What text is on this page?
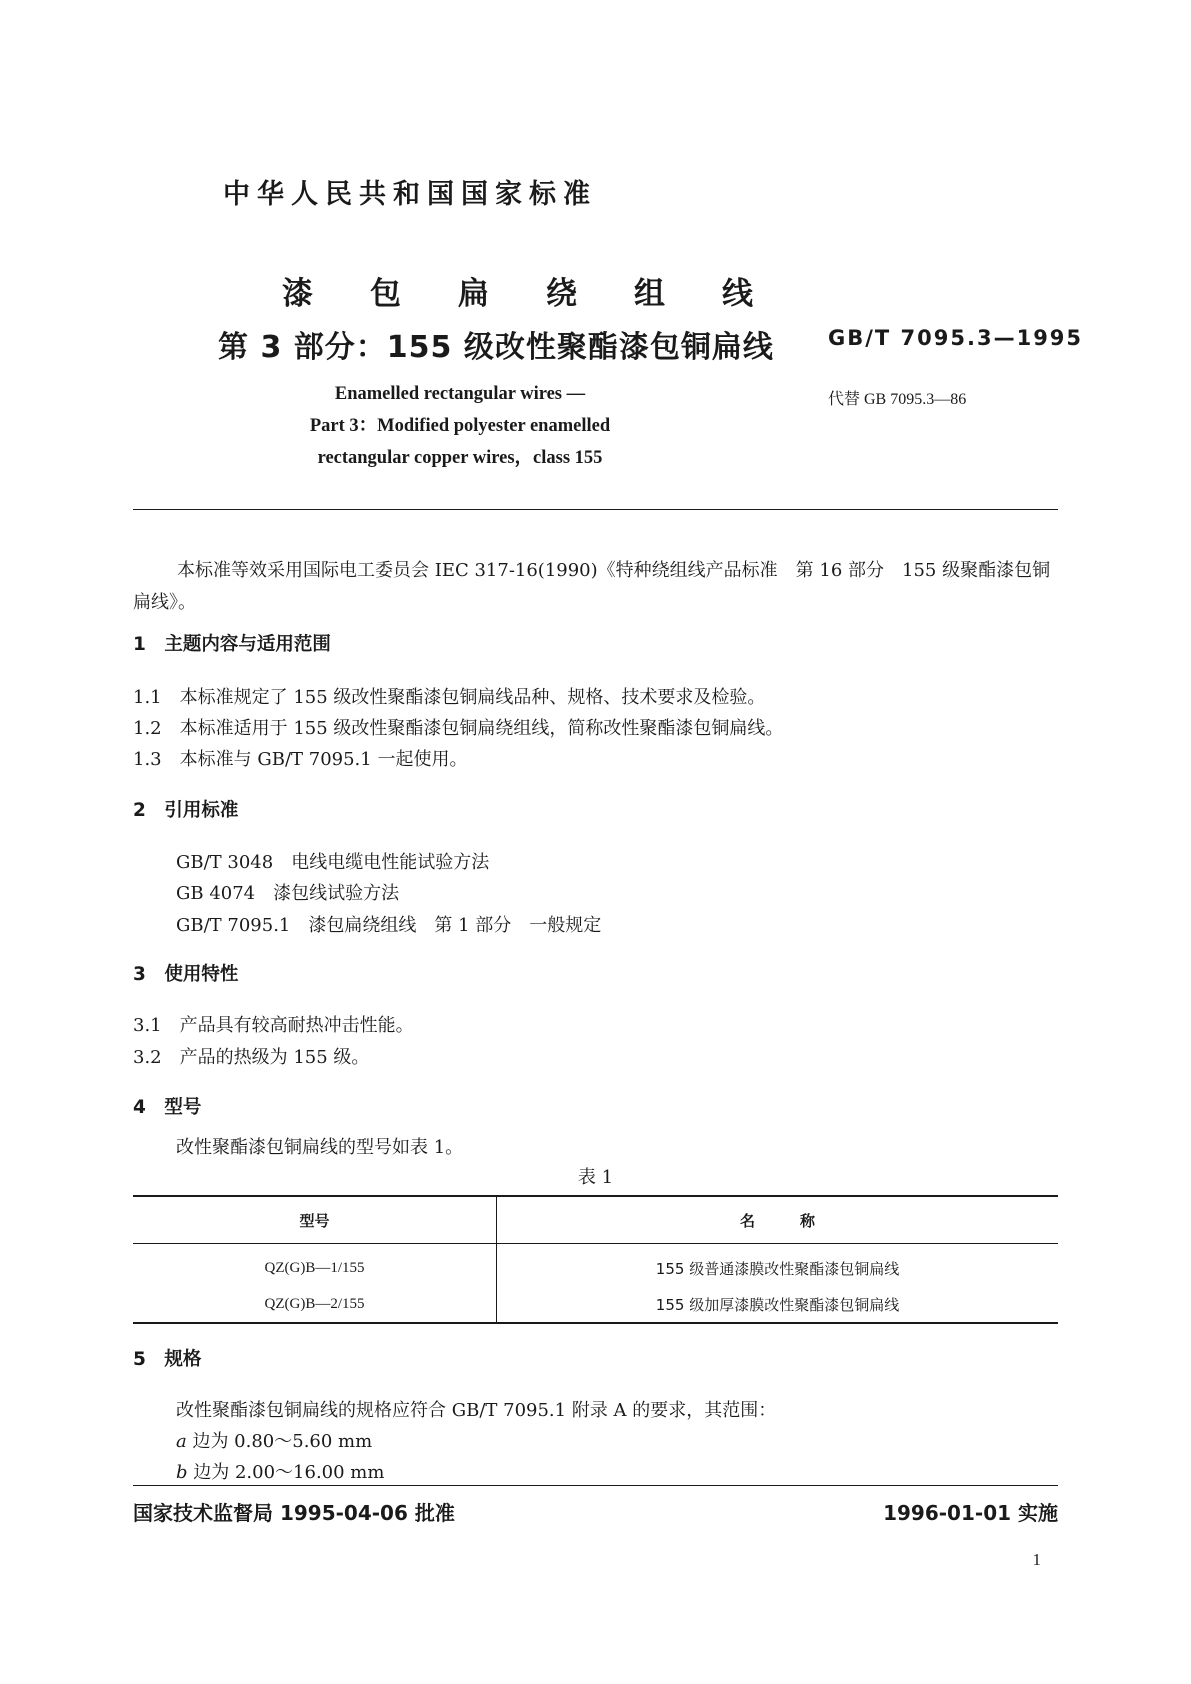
中华人民共和国国家标准
漆 包 扁 绕 组 线
第 3 部分：155 级改性聚酯漆包铜扁线	GB/T 7095.3—1995
代替 GB 7095.3—86
Enamelled rectangular wires —
Part 3：Modified polyester enamelled
rectangular copper wires，class 155
本标准等效采用国际电工委员会 IEC 317-16(1990)《特种绕组线产品标准　第 16 部分　155 级聚酯漆包铜扁线》。
1　主题内容与适用范围
1.1　本标准规定了 155 级改性聚酯漆包铜扁线品种、规格、技术要求及检验。
1.2　本标准适用于 155 级改性聚酯漆包铜扁绕组线，简称改性聚酯漆包铜扁线。
1.3　本标准与 GB/T 7095.1 一起使用。
2　引用标准
GB/T 3048　电线电缆电性能试验方法
GB 4074　漆包线试验方法
GB/T 7095.1　漆包扁绕组线　第 1 部分　一般规定
3　使用特性
3.1　产品具有较高耐热冲击性能。
3.2　产品的热级为 155 级。
4　型号
改性聚酯漆包铜扁线的型号如表 1。
表 1
型号	名　　　称
QZ(G)B—1/155	155 级普通漆膜改性聚酯漆包铜扁线
QZ(G)B—2/155	155 级加厚漆膜改性聚酯漆包铜扁线
5　规格
改性聚酯漆包铜扁线的规格应符合 GB/T 7095.1 附录 A 的要求，其范围：
a 边为 0.80～5.60 mm
b 边为 2.00～16.00 mm
国家技术监督局 1995-04-06 批准	1996-01-01 实施
1
